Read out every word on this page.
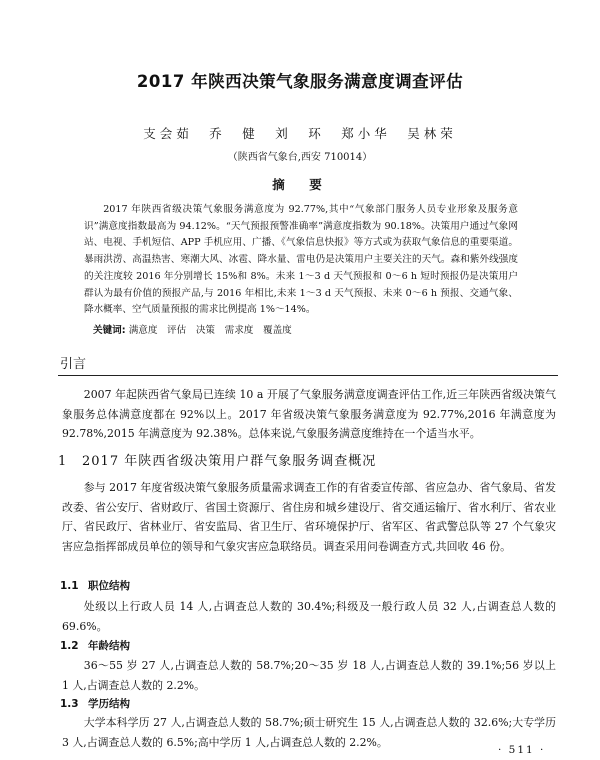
2017 年陕西决策气象服务满意度调查评估
支会茹　乔　健　刘　环　郑小华　吴林荣
（陕西省气象台,西安 710014）
摘　要
2017 年陕西省级决策气象服务满意度为 92.77%,其中“气象部门服务人员专业形象及服务意识”满意度指数最高为 94.12%。“天气预报预警准确率”满意度指数为 90.18%。决策用户通过气象网站、电视、手机短信、APP 手机应用、广播、《气象信息快报》等方式或为获取气象信息的重要渠道。暴雨洪涝、高温热害、寒潮大风、冰雹、降水量、雷电仍是决策用户主要关注的天气。森和紫外线强度的关注度较 2016 年分别增长 15%和 8%。未来 1～3 d 天气预报和 0～6 h 短时预报仍是决策用户群认为最有价值的预报产品,与 2016 年相比,未来 1～3 d 天气预报、未来 0～6 h 预报、交通气象、降水概率、空气质量预报的需求比例提高 1%～14%。
关键词: 满意度　评估　决策　需求度　覆盖度
引言
2007 年起陕西省气象局已连续 10 a 开展了气象服务满意度调查评估工作,近三年陕西省级决策气象服务总体满意度都在 92%以上。2017 年省级决策气象服务满意度为 92.77%,2016 年满意度为 92.78%,2015 年满意度为 92.38%。总体来说,气象服务满意度维持在一个适当水平。
1 2017 年陕西省级决策用户群气象服务调查概况
参与 2017 年度省级决策气象服务质量需求调查工作的有省委宣传部、省应急办、省气象局、省发改委、省公安厅、省财政厅、省国土资源厅、省住房和城乡建设厅、省交通运输厅、省水利厅、省农业厅、省民政厅、省林业厅、省安监局、省卫生厅、省环境保护厅、省军区、省武警总队等 27 个气象灾害应急指挥部成员单位的领导和气象灾害应急联络员。调查采用问卷调查方式,共回收 46 份。
1.1 职位结构
处级以上行政人员 14 人,占调查总人数的 30.4%;科级及一般行政人员 32 人,占调查总人数的 69.6%。
1.2 年龄结构
36～55 岁 27 人,占调查总人数的 58.7%;20～35 岁 18 人,占调查总人数的 39.1%;56 岁以上 1 人,占调查总人数的 2.2%。
1.3 学历结构
大学本科学历 27 人,占调查总人数的 58.7%;硕士研究生 15 人,占调查总人数的 32.6%;大专学历 3 人,占调查总人数的 6.5%;高中学历 1 人,占调查总人数的 2.2%。
· 511 ·
